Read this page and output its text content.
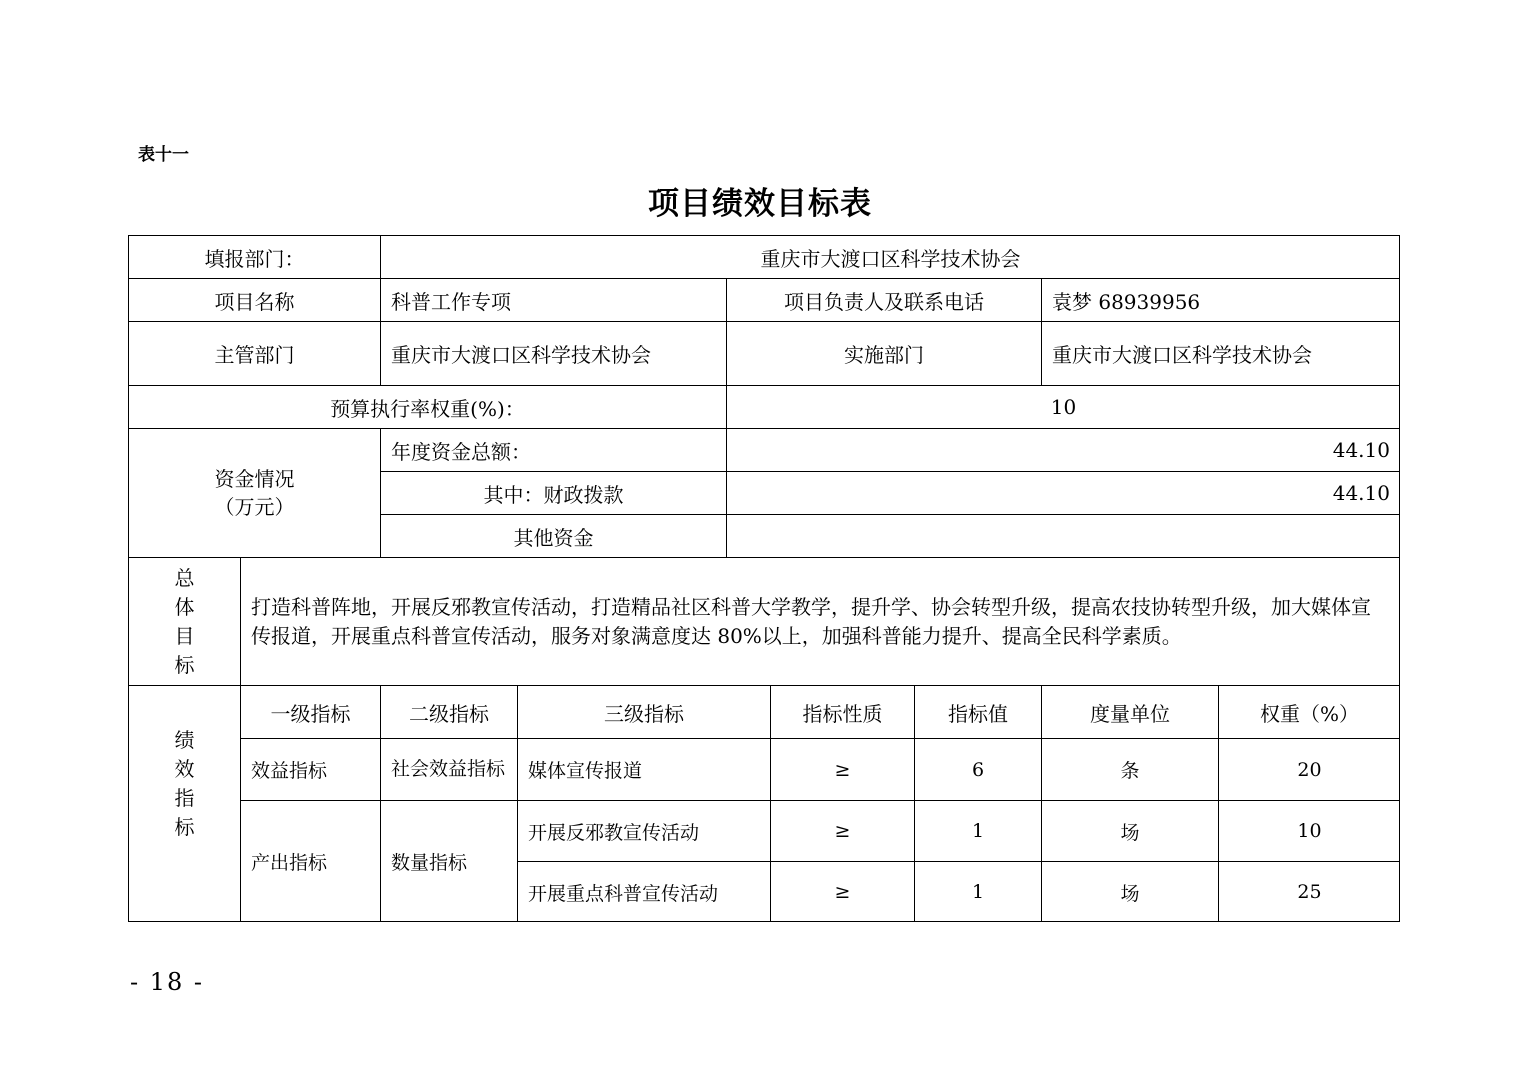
表十一
项目绩效目标表
填报部门：	重庆市大渡口区科学技术协会
项目名称	科普工作专项	项目负责人及联系电话	袁梦 68939956
主管部门	重庆市大渡口区科学技术协会	实施部门	重庆市大渡口区科学技术协会
预算执行率权重(%)：	10
资金情况
（万元）
年度资金总额：	44.10
其中：财政拨款	44.10
其他资金
总
体
目
标
打造科普阵地，开展反邪教宣传活动，打造精品社区科普大学教学，提升学、协会转型升级，提高农技协转型升级，加大媒体宣传报道，开展重点科普宣传活动，服务对象满意度达 80%以上，加强科普能力提升、提高全民科学素质。
绩
效
指
标
一级指标	二级指标	三级指标	指标性质	指标值	度量单位	权重（%）
效益指标	社会效益指标	媒体宣传报道	≥	6	条	20
产出指标	数量指标
开展反邪教宣传活动	≥	1	场	10
开展重点科普宣传活动	≥	1	场	25
- 18 -
